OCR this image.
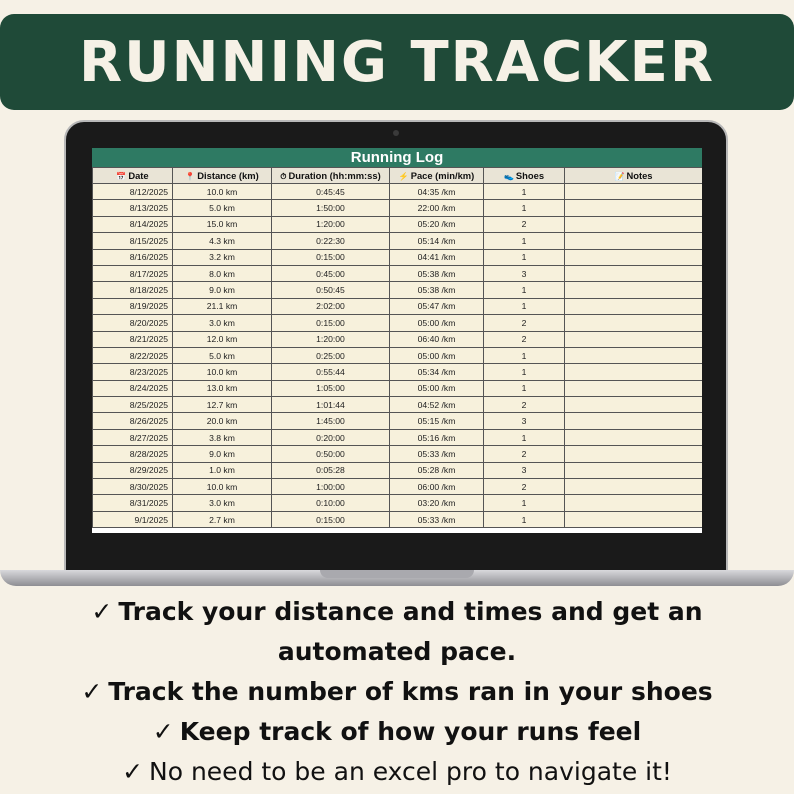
RUNNING TRACKER
Running Log
📅 Date	📍 Distance (km)	⏱ Duration (hh:mm:ss)	⚡ Pace (min/km)	👟 Shoes	📝 Notes
8/12/2025	10.0 km	0:45:45	04:35 /km	1	
8/13/2025	5.0 km	1:50:00	22:00 /km	1	
8/14/2025	15.0 km	1:20:00	05:20 /km	2	
8/15/2025	4.3 km	0:22:30	05:14 /km	1	
8/16/2025	3.2 km	0:15:00	04:41 /km	1	
8/17/2025	8.0 km	0:45:00	05:38 /km	3	
8/18/2025	9.0 km	0:50:45	05:38 /km	1	
8/19/2025	21.1 km	2:02:00	05:47 /km	1	
8/20/2025	3.0 km	0:15:00	05:00 /km	2	
8/21/2025	12.0 km	1:20:00	06:40 /km	2	
8/22/2025	5.0 km	0:25:00	05:00 /km	1	
8/23/2025	10.0 km	0:55:44	05:34 /km	1	
8/24/2025	13.0 km	1:05:00	05:00 /km	1	
8/25/2025	12.7 km	1:01:44	04:52 /km	2	
8/26/2025	20.0 km	1:45:00	05:15 /km	3	
8/27/2025	3.8 km	0:20:00	05:16 /km	1	
8/28/2025	9.0 km	0:50:00	05:33 /km	2	
8/29/2025	1.0 km	0:05:28	05:28 /km	3	
8/30/2025	10.0 km	1:00:00	06:00 /km	2	
8/31/2025	3.0 km	0:10:00	03:20 /km	1	
9/1/2025	2.7 km	0:15:00	05:33 /km	1	
✓ Track your distance and times and get an automated pace.
✓ Track the number of kms ran in your shoes
✓ Keep track of how your runs feel
✓ No need to be an excel pro to navigate it!
